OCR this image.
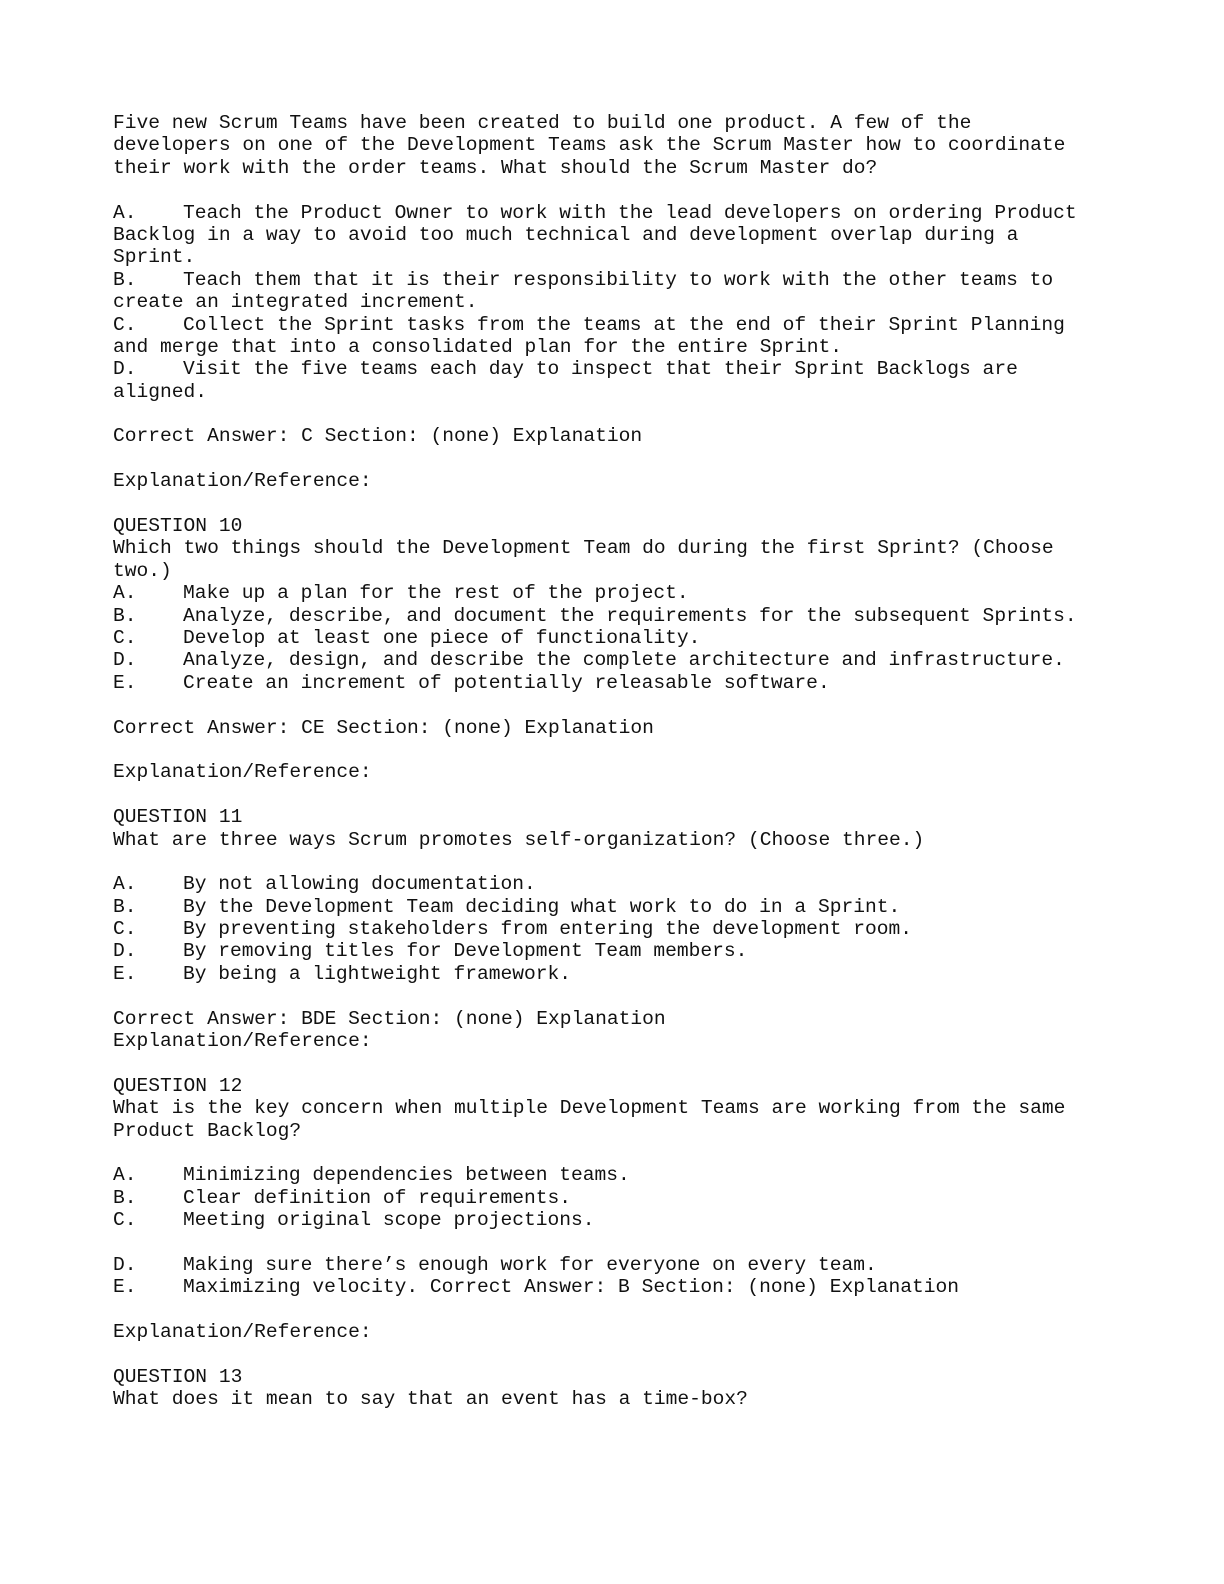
Five new Scrum Teams have been created to build one product. A few of the
developers on one of the Development Teams ask the Scrum Master how to coordinate
their work with the order teams. What should the Scrum Master do?
A. Teach the Product Owner to work with the lead developers on ordering Product
Backlog in a way to avoid too much technical and development overlap during a
Sprint.
B. Teach them that it is their responsibility to work with the other teams to
create an integrated increment.
C. Collect the Sprint tasks from the teams at the end of their Sprint Planning
and merge that into a consolidated plan for the entire Sprint.
D. Visit the five teams each day to inspect that their Sprint Backlogs are
aligned.
Correct Answer: C Section: (none) Explanation
Explanation/Reference:
QUESTION 10
Which two things should the Development Team do during the first Sprint? (Choose
two.)
A. Make up a plan for the rest of the project.
B. Analyze, describe, and document the requirements for the subsequent Sprints.
C. Develop at least one piece of functionality.
D. Analyze, design, and describe the complete architecture and infrastructure.
E. Create an increment of potentially releasable software.
Correct Answer: CE Section: (none) Explanation
Explanation/Reference:
QUESTION 11
What are three ways Scrum promotes self-organization? (Choose three.)
A. By not allowing documentation.
B. By the Development Team deciding what work to do in a Sprint.
C. By preventing stakeholders from entering the development room.
D. By removing titles for Development Team members.
E. By being a lightweight framework.
Correct Answer: BDE Section: (none) Explanation
Explanation/Reference:
QUESTION 12
What is the key concern when multiple Development Teams are working from the same
Product Backlog?
A. Minimizing dependencies between teams.
B. Clear definition of requirements.
C. Meeting original scope projections.
D. Making sure there’s enough work for everyone on every team.
E. Maximizing velocity. Correct Answer: B Section: (none) Explanation
Explanation/Reference:
QUESTION 13
What does it mean to say that an event has a time-box?
